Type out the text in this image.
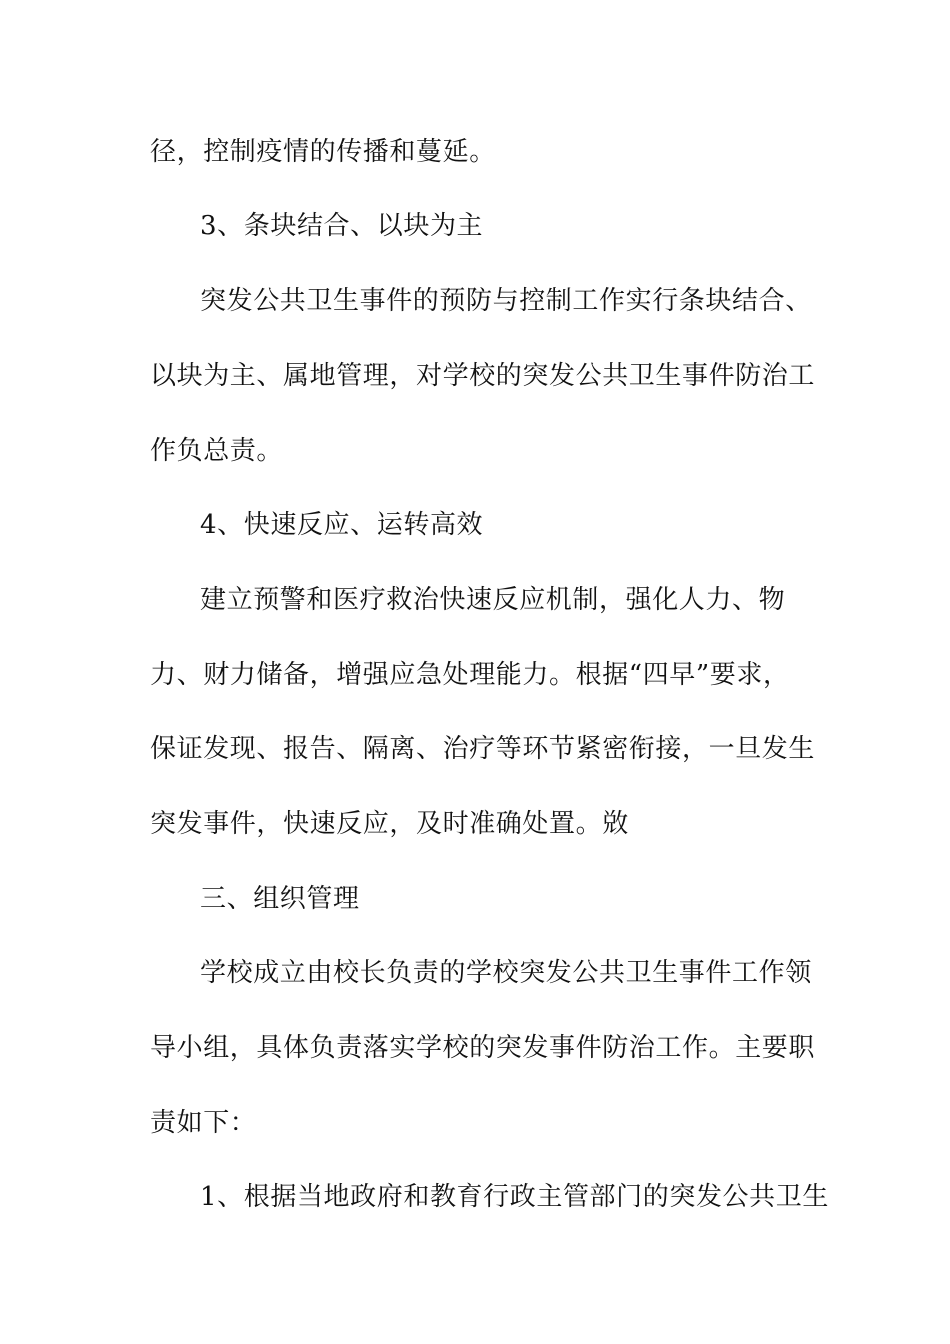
径，控制疫情的传播和蔓延。
3、条块结合、以块为主
突发公共卫生事件的预防与控制工作实行条块结合、
以块为主、属地管理，对学校的突发公共卫生事件防治工
作负总责。
4、快速反应、运转高效
建立预警和医疗救治快速反应机制，强化人力、物
力、财力储备，增强应急处理能力。根据“四早”要求，
保证发现、报告、隔离、治疗等环节紧密衔接，一旦发生
突发事件，快速反应，及时准确处置。敚
三、组织管理
学校成立由校长负责的学校突发公共卫生事件工作领
导小组，具体负责落实学校的突发事件防治工作。主要职
责如下：
1、根据当地政府和教育行政主管部门的突发公共卫生
